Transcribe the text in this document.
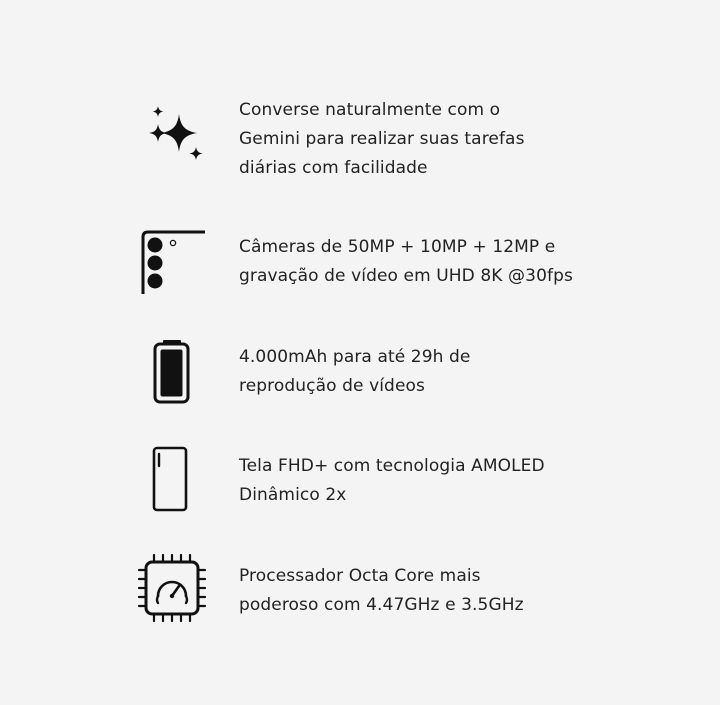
Converse naturalmente com o
Gemini para realizar suas tarefas
diárias com facilidade
Câmeras de 50MP + 10MP + 12MP e
gravação de vídeo em UHD 8K @30fps
4.000mAh para até 29h de
reprodução de vídeos
Tela FHD+ com tecnologia AMOLED
Dinâmico 2x
Processador Octa Core mais
poderoso com 4.47GHz e 3.5GHz
